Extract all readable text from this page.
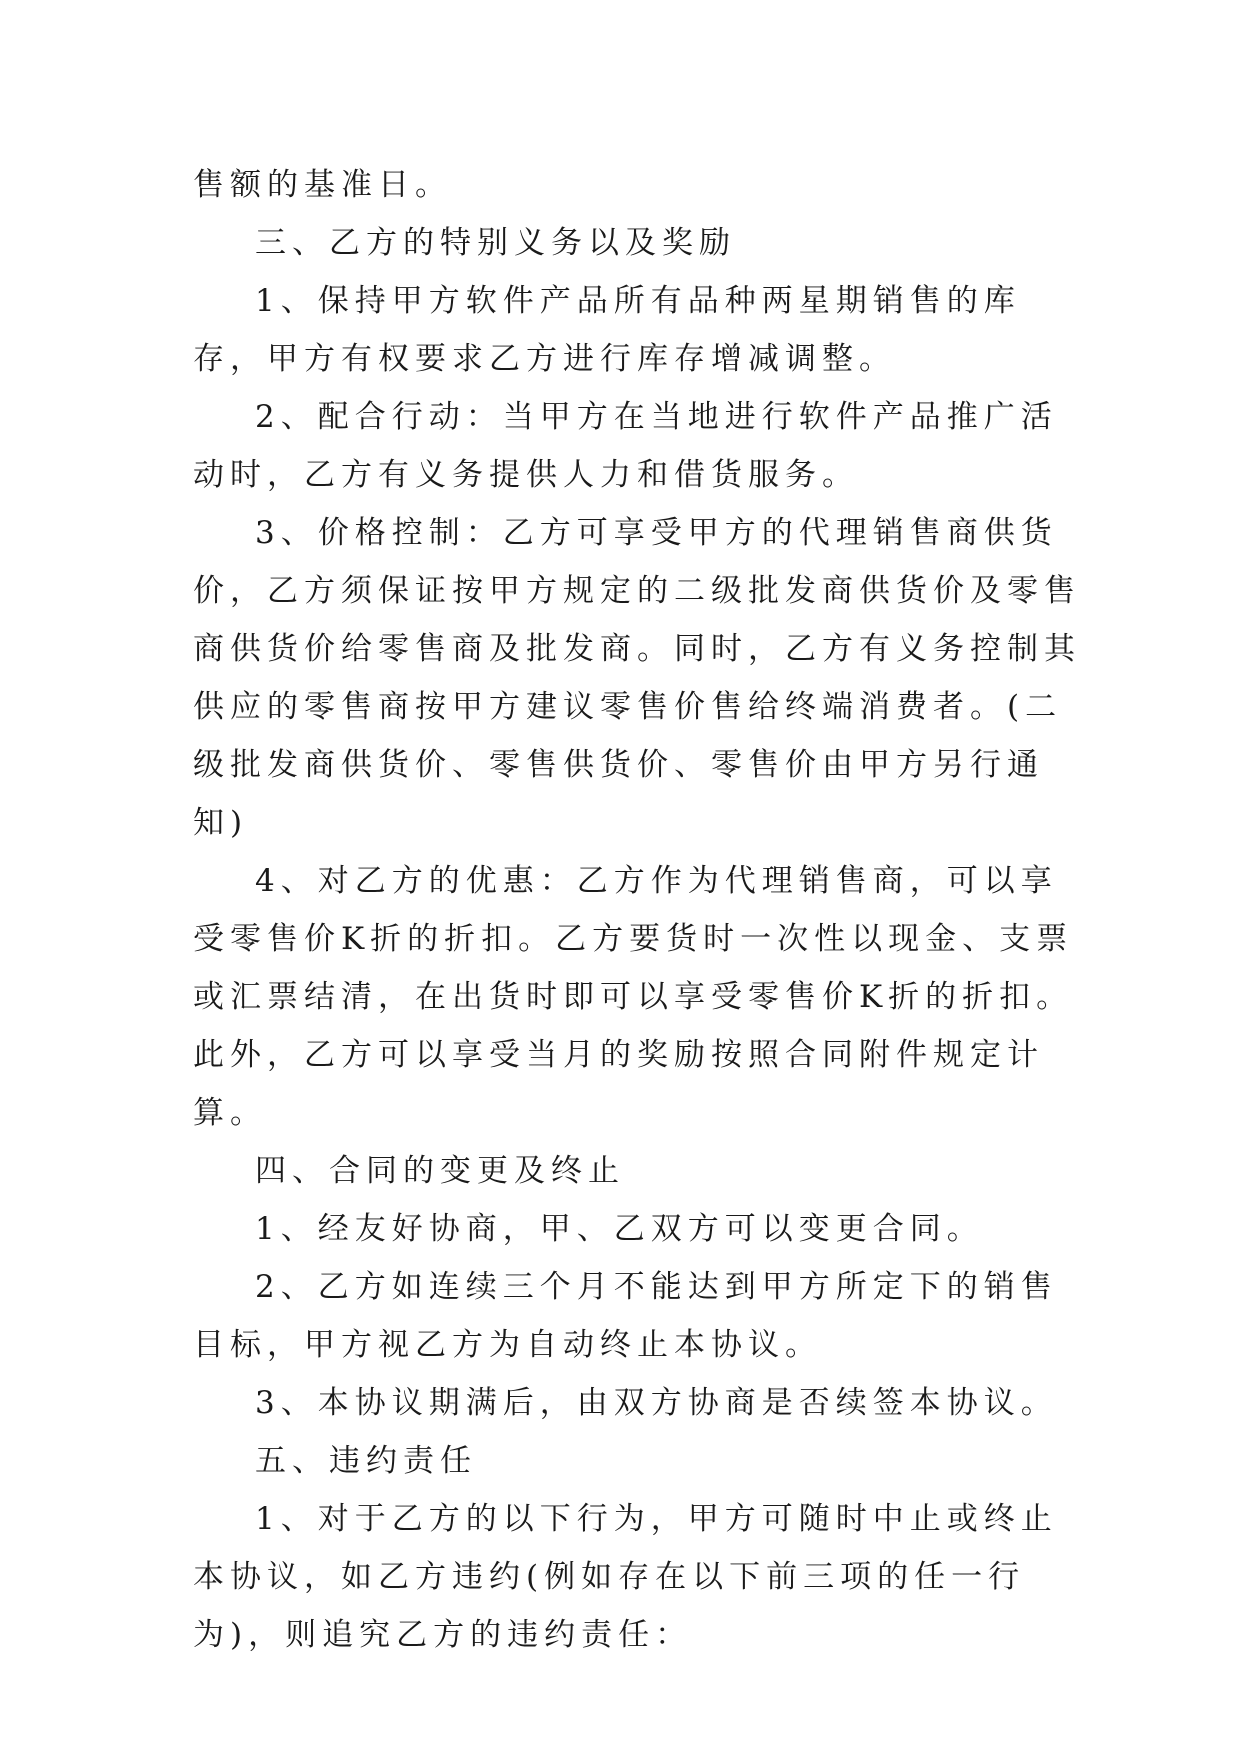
售额的基准日。

三、乙方的特别义务以及奖励

1、保持甲方软件产品所有品种两星期销售的库存，甲方有权要求乙方进行库存增减调整。

2、配合行动：当甲方在当地进行软件产品推广活动时，乙方有义务提供人力和借货服务。

3、价格控制：乙方可享受甲方的代理销售商供货价，乙方须保证按甲方规定的二级批发商供货价及零售商供货价给零售商及批发商。同时，乙方有义务控制其供应的零售商按甲方建议零售价售给终端消费者。(二级批发商供货价、零售供货价、零售价由甲方另行通知)

4、对乙方的优惠：乙方作为代理销售商，可以享受零售价K折的折扣。乙方要货时一次性以现金、支票或汇票结清，在出货时即可以享受零售价K折的折扣。此外，乙方可以享受当月的奖励按照合同附件规定计算。

四、合同的变更及终止

1、经友好协商，甲、乙双方可以变更合同。

2、乙方如连续三个月不能达到甲方所定下的销售目标，甲方视乙方为自动终止本协议。

3、本协议期满后，由双方协商是否续签本协议。

五、违约责任

1、对于乙方的以下行为，甲方可随时中止或终止本协议，如乙方违约(例如存在以下前三项的任一行为)，则追究乙方的违约责任：
